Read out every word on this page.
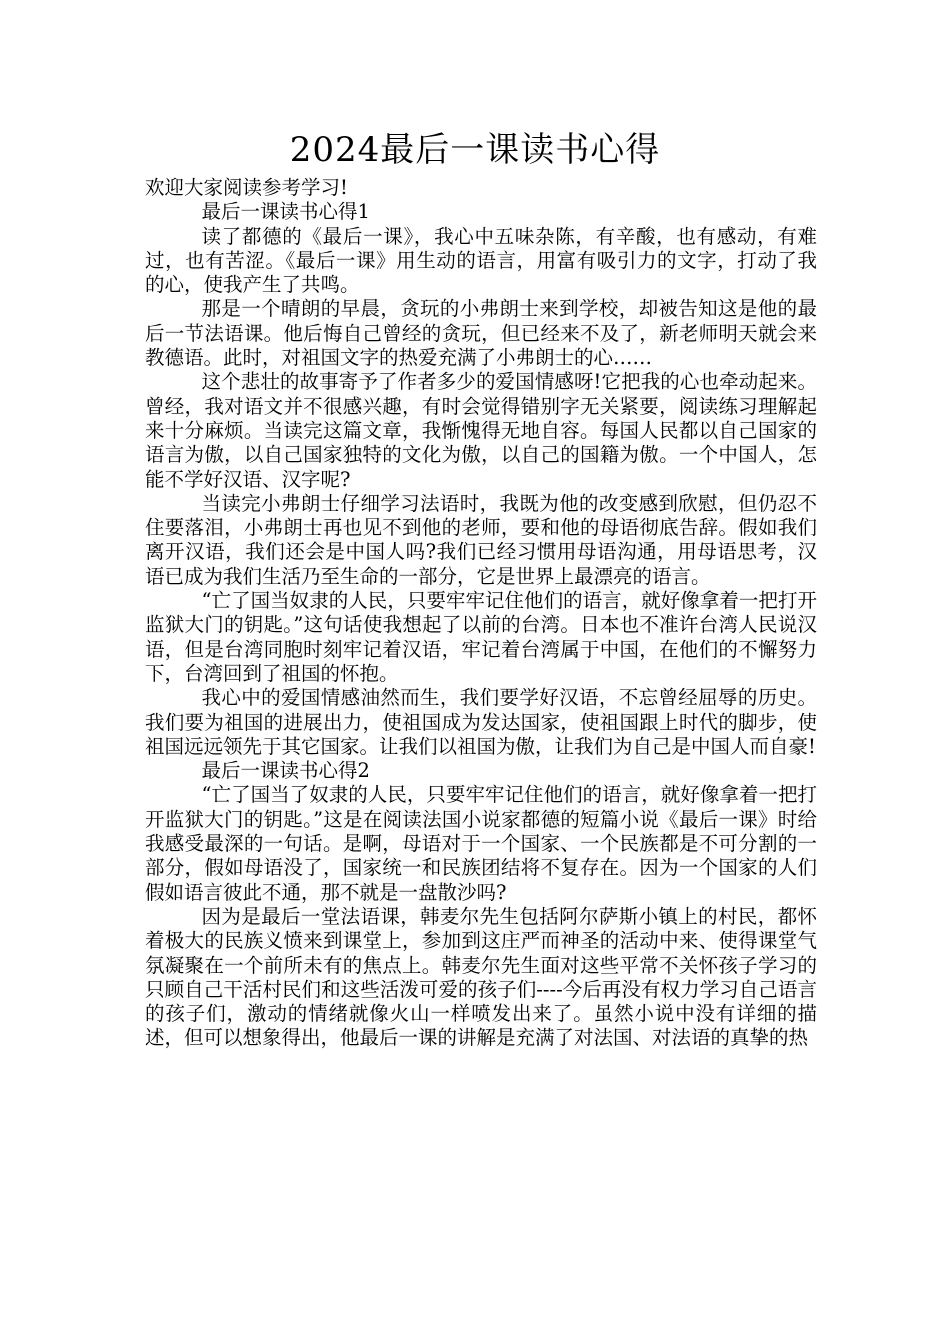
2024最后一课读书心得

欢迎大家阅读参考学习!

最后一课读书心得1

读了都德的《最后一课》，我心中五味杂陈，有辛酸，也有感动，有难过，也有苦涩。《最后一课》用生动的语言，用富有吸引力的文字，打动了我的心，使我产生了共鸣。

那是一个晴朗的早晨，贪玩的小弗朗士来到学校，却被告知这是他的最后一节法语课。他后悔自己曾经的贪玩，但已经来不及了，新老师明天就会来教德语。此时，对祖国文字的热爱充满了小弗朗士的心……

这个悲壮的故事寄予了作者多少的爱国情感呀!它把我的心也牵动起来。曾经，我对语文并不很感兴趣，有时会觉得错别字无关紧要，阅读练习理解起来十分麻烦。当读完这篇文章，我惭愧得无地自容。每国人民都以自己国家的语言为傲，以自己国家独特的文化为傲，以自己的国籍为傲。一个中国人，怎能不学好汉语、汉字呢?

当读完小弗朗士仔细学习法语时，我既为他的改变感到欣慰，但仍忍不住要落泪，小弗朗士再也见不到他的老师，要和他的母语彻底告辞。假如我们离开汉语，我们还会是中国人吗?我们已经习惯用母语沟通，用母语思考，汉语已成为我们生活乃至生命的一部分，它是世界上最漂亮的语言。

“亡了国当奴隶的人民，只要牢牢记住他们的语言，就好像拿着一把打开监狱大门的钥匙。”这句话使我想起了以前的台湾。日本也不准许台湾人民说汉语，但是台湾同胞时刻牢记着汉语，牢记着台湾属于中国，在他们的不懈努力下，台湾回到了祖国的怀抱。

我心中的爱国情感油然而生，我们要学好汉语，不忘曾经屈辱的历史。我们要为祖国的进展出力，使祖国成为发达国家，使祖国跟上时代的脚步，使祖国远远领先于其它国家。让我们以祖国为傲，让我们为自己是中国人而自豪!

最后一课读书心得2

“亡了国当了奴隶的人民，只要牢牢记住他们的语言，就好像拿着一把打开监狱大门的钥匙。”这是在阅读法国小说家都德的短篇小说《最后一课》时给我感受最深的一句话。是啊，母语对于一个国家、一个民族都是不可分割的一部分，假如母语没了，国家统一和民族团结将不复存在。因为一个国家的人们假如语言彼此不通，那不就是一盘散沙吗?

因为是最后一堂法语课，韩麦尔先生包括阿尔萨斯小镇上的村民，都怀着极大的民族义愤来到课堂上，参加到这庄严而神圣的活动中来、使得课堂气氛凝聚在一个前所未有的焦点上。韩麦尔先生面对这些平常不关怀孩子学习的只顾自己干活村民们和这些活泼可爱的孩子们----今后再没有权力学习自己语言的孩子们，激动的情绪就像火山一样喷发出来了。虽然小说中没有详细的描述，但可以想象得出，他最后一课的讲解是充满了对法国、对法语的真挚的热
